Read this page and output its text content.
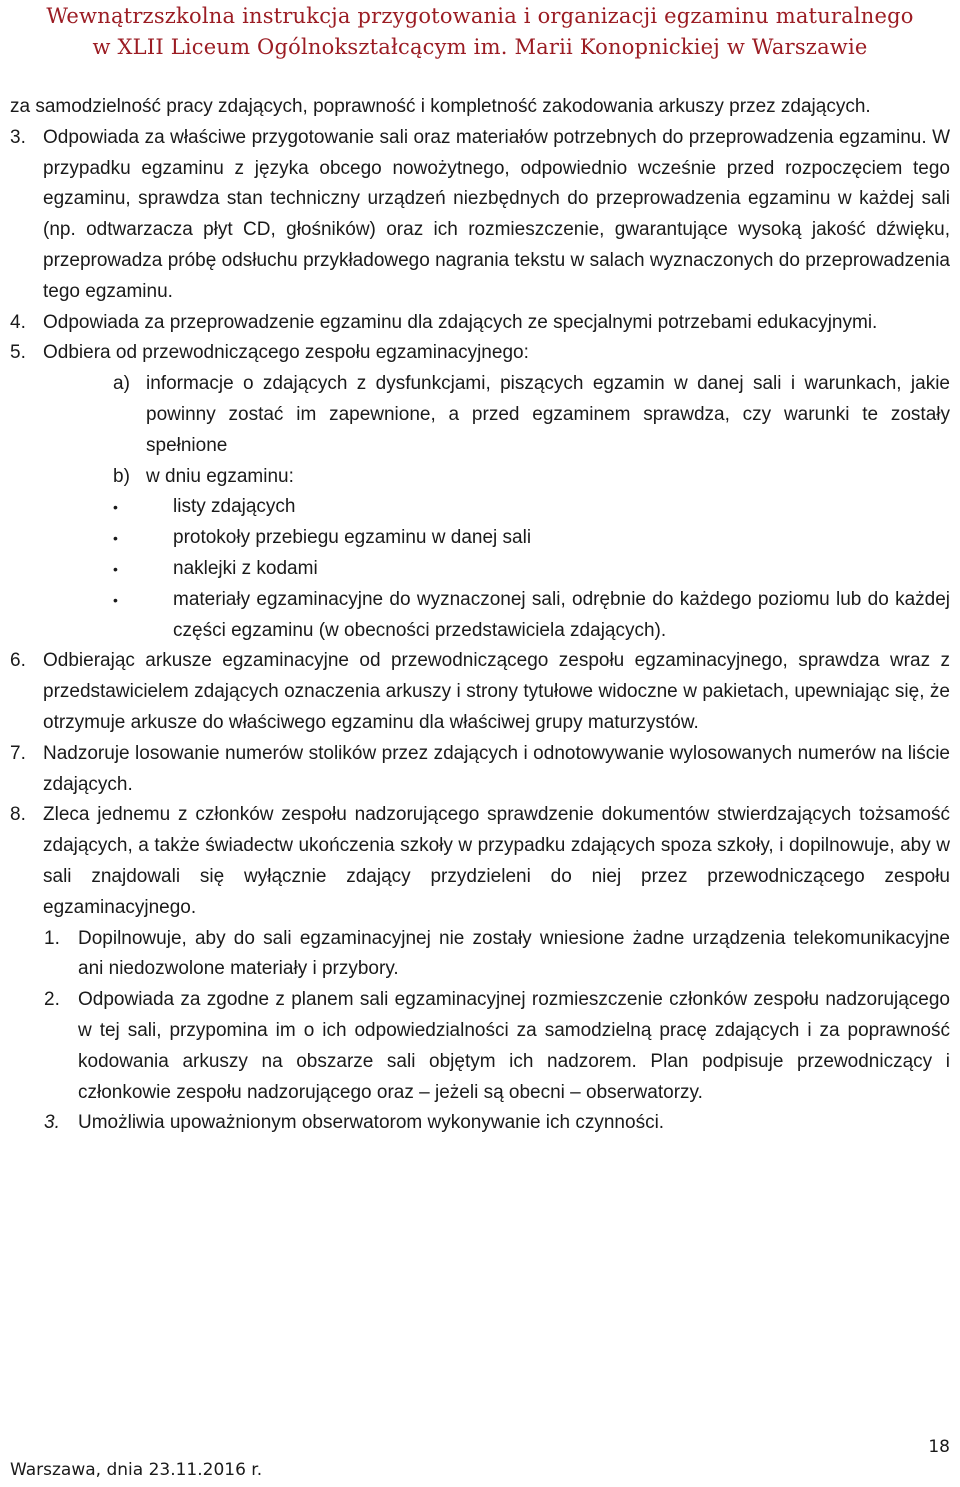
Wewnątrzszkolna instrukcja przygotowania i organizacji egzaminu maturalnego
w XLII Liceum Ogólnokształcącym im. Marii Konopnickiej w Warszawie

za samodzielność pracy zdających, poprawność i kompletność zakodowania arkuszy przez zdających.

3. Odpowiada za właściwe przygotowanie sali oraz materiałów potrzebnych do przeprowadzenia egzaminu. W przypadku egzaminu z języka obcego nowożytnego, odpowiednio wcześnie przed rozpoczęciem tego egzaminu, sprawdza stan techniczny urządzeń niezbędnych do przeprowadzenia egzaminu w każdej sali (np. odtwarzacza płyt CD, głośników) oraz ich rozmieszczenie, gwarantujące wysoką jakość dźwięku, przeprowadza próbę odsłuchu przykładowego nagrania tekstu w salach wyznaczonych do przeprowadzenia tego egzaminu.
4. Odpowiada za przeprowadzenie egzaminu dla zdających ze specjalnymi potrzebami edukacyjnymi.
5. Odbiera od przewodniczącego zespołu egzaminacyjnego:
a) informacje o zdających z dysfunkcjami, piszących egzamin w danej sali i warunkach, jakie powinny zostać im zapewnione, a przed egzaminem sprawdza, czy warunki te zostały spełnione
b) w dniu egzaminu:
•	listy zdających
•	protokoły przebiegu egzaminu w danej sali
•	naklejki z kodami
•	materiały egzaminacyjne do wyznaczonej sali, odrębnie do każdego poziomu lub do każdej części egzaminu (w obecności przedstawiciela zdających).
6. Odbierając arkusze egzaminacyjne od przewodniczącego zespołu egzaminacyjnego, sprawdza wraz z przedstawicielem zdających oznaczenia arkuszy i strony tytułowe widoczne w pakietach, upewniając się, że otrzymuje arkusze do właściwego egzaminu dla właściwej grupy maturzystów.
7. Nadzoruje losowanie numerów stolików przez zdających i odnotowywanie wylosowanych numerów na liście zdających.
8. Zleca jednemu z członków zespołu nadzorującego sprawdzenie dokumentów stwierdzających tożsamość zdających, a także świadectw ukończenia szkoły w przypadku zdających spoza szkoły, i dopilnowuje, aby w sali znajdowali się wyłącznie zdający przydzieleni do niej przez przewodniczącego zespołu egzaminacyjnego.
1. Dopilnowuje, aby do sali egzaminacyjnej nie zostały wniesione żadne urządzenia telekomunikacyjne ani niedozwolone materiały i przybory.
2. Odpowiada za zgodne z planem sali egzaminacyjnej rozmieszczenie członków zespołu nadzorującego w tej sali, przypomina im o ich odpowiedzialności za samodzielną pracę zdających i za poprawność kodowania arkuszy na obszarze sali objętym ich nadzorem. Plan podpisuje przewodniczący i członkowie zespołu nadzorującego oraz – jeżeli są obecni – obserwatorzy.
3. Umożliwia upoważnionym obserwatorom wykonywanie ich czynności.
18
Warszawa, dnia 23.11.2016 r.
